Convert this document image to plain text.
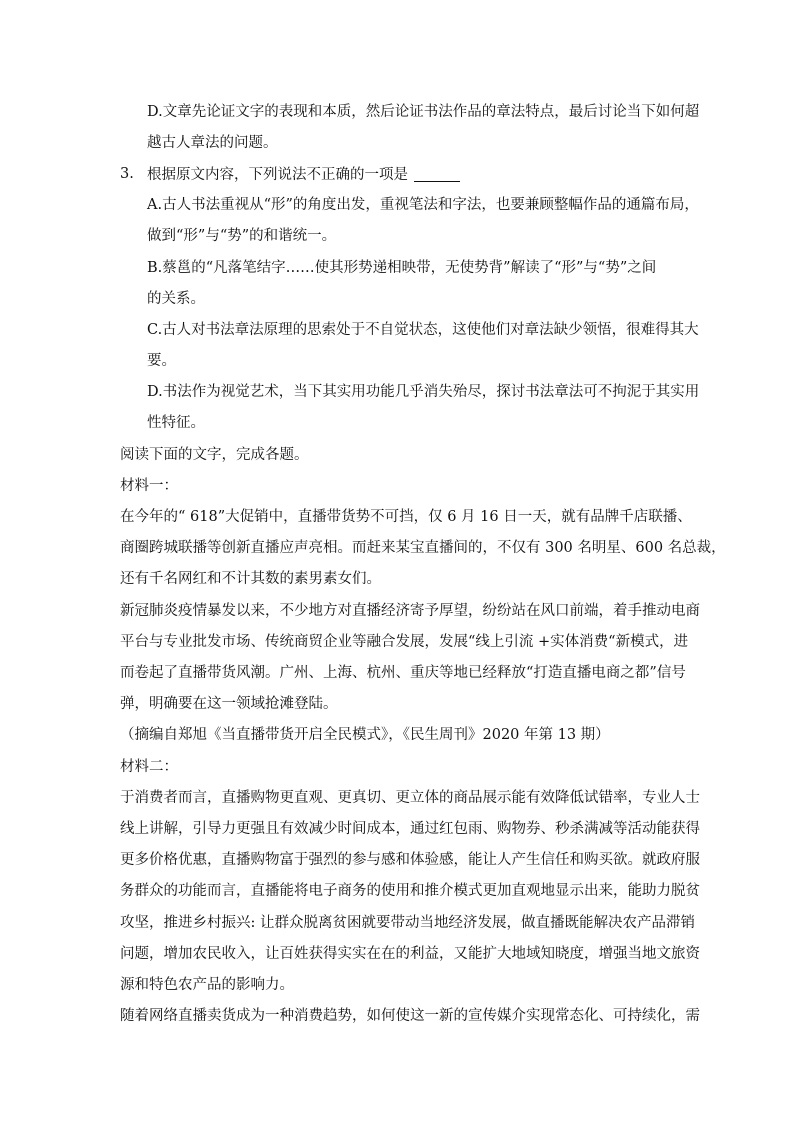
D.文章先论证文字的表现和本质，然后论证书法作品的章法特点，最后讨论当下如何超
越古人章法的问题。
3. 根据原文内容，下列说法不正确的一项是
A.古人书法重视从“形”的角度出发，重视笔法和字法，也要兼顾整幅作品的通篇布局，
做到“形”与“势”的和谐统一。
B.蔡邕的“凡落笔结字……使其形势递相映带，无使势背”解读了“形”与“势”之间
的关系。
C.古人对书法章法原理的思索处于不自觉状态，这使他们对章法缺少领悟，很难得其大
要。
D.书法作为视觉艺术，当下其实用功能几乎消失殆尽，探讨书法章法可不拘泥于其实用
性特征。
阅读下面的文字，完成各题。
材料一：
在今年的“ 618”大促销中，直播带货势不可挡，仅 6 月 16 日一天，就有品牌千店联播、
商圈跨城联播等创新直播应声亮相。而赶来某宝直播间的，不仅有 300 名明星、600 名总裁，
还有千名网红和不计其数的素男素女们。
新冠肺炎疫情暴发以来，不少地方对直播经济寄予厚望，纷纷站在风口前端，着手推动电商
平台与专业批发市场、传统商贸企业等融合发展，发展“线上引流 +实体消费“新模式，进
而卷起了直播带货风潮。广州、上海、杭州、重庆等地已经释放“打造直播电商之都”信号
弹，明确要在这一领域抢滩登陆。
（摘编自郑旭《当直播带货开启全民模式》，《民生周刊》2020 年第 13 期）
材料二：
于消费者而言，直播购物更直观、更真切、更立体的商品展示能有效降低试错率，专业人士
线上讲解，引导力更强且有效减少时间成本，通过红包雨、购物券、秒杀满减等活动能获得
更多价格优惠，直播购物富于强烈的参与感和体验感，能让人产生信任和购买欲。就政府服
务群众的功能而言，直播能将电子商务的使用和推介模式更加直观地显示出来，能助力脱贫
攻坚，推进乡村振兴: 让群众脱离贫困就要带动当地经济发展，做直播既能解决农产品滞销
问题，增加农民收入，让百姓获得实实在在的利益，又能扩大地域知晓度，增强当地文旅资
源和特色农产品的影响力。
随着网络直播卖货成为一种消费趋势，如何使这一新的宣传媒介实现常态化、可持续化，需
